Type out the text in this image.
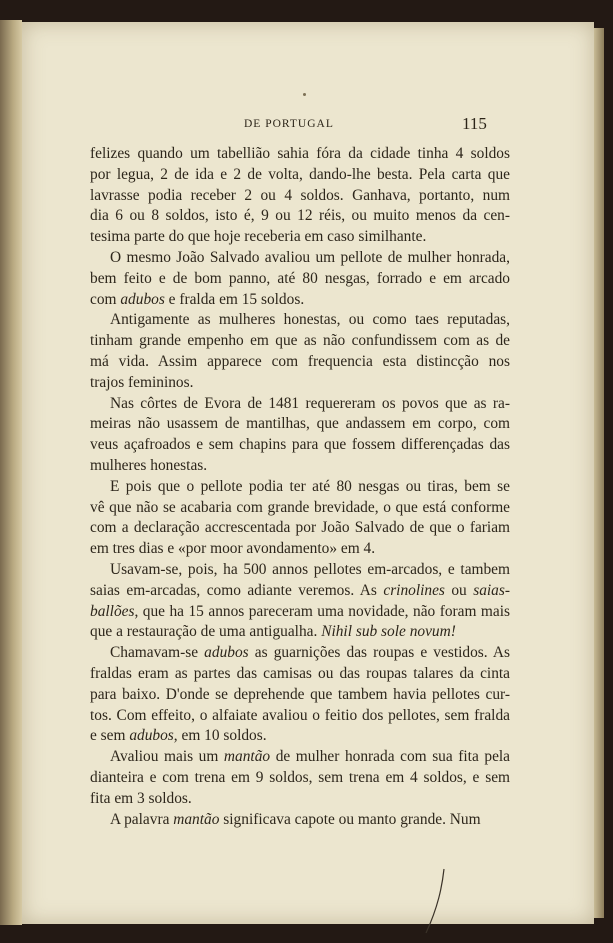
DE PORTUGAL	115

felizes quando um tabellião sahia fóra da cidade tinha 4 soldos
por legua, 2 de ida e 2 de volta, dando-lhe besta. Pela carta que
lavrasse podia receber 2 ou 4 soldos. Ganhava, portanto, num
dia 6 ou 8 soldos, isto é, 9 ou 12 réis, ou muito menos da cen-
tesima parte do que hoje receberia em caso similhante.

O mesmo João Salvado avaliou um pellote de mulher honrada,
bem feito e de bom panno, até 80 nesgas, forrado e em arcado
com adubos e fralda em 15 soldos.

Antigamente as mulheres honestas, ou como taes reputadas,
tinham grande empenho em que as não confundissem com as de
má vida. Assim apparece com frequencia esta distincção nos
trajos femininos.

Nas côrtes de Evora de 1481 requereram os povos que as ra-
meiras não usassem de mantilhas, que andassem em corpo, com
veus açafroados e sem chapins para que fossem differençadas das
mulheres honestas.

E pois que o pellote podia ter até 80 nesgas ou tiras, bem se
vê que não se acabaria com grande brevidade, o que está conforme
com a declaração accrescentada por João Salvado de que o fariam
em tres dias e «por moor avondamento» em 4.

Usavam-se, pois, ha 500 annos pellotes em-arcados, e tambem
saias em-arcadas, como adiante veremos. As crinolines ou saias-
ballões, que ha 15 annos pareceram uma novidade, não foram mais
que a restauração de uma antigualha. Nihil sub sole novum!

Chamavam-se adubos as guarnições das roupas e vestidos. As
fraldas eram as partes das camisas ou das roupas talares da cinta
para baixo. D'onde se deprehende que tambem havia pellotes cur-
tos. Com effeito, o alfaiate avaliou o feitio dos pellotes, sem fralda
e sem adubos, em 10 soldos.

Avaliou mais um mantão de mulher honrada com sua fita pela
dianteira e com trena em 9 soldos, sem trena em 4 soldos, e sem
fita em 3 soldos.

A palavra mantão significava capote ou manto grande. Num
